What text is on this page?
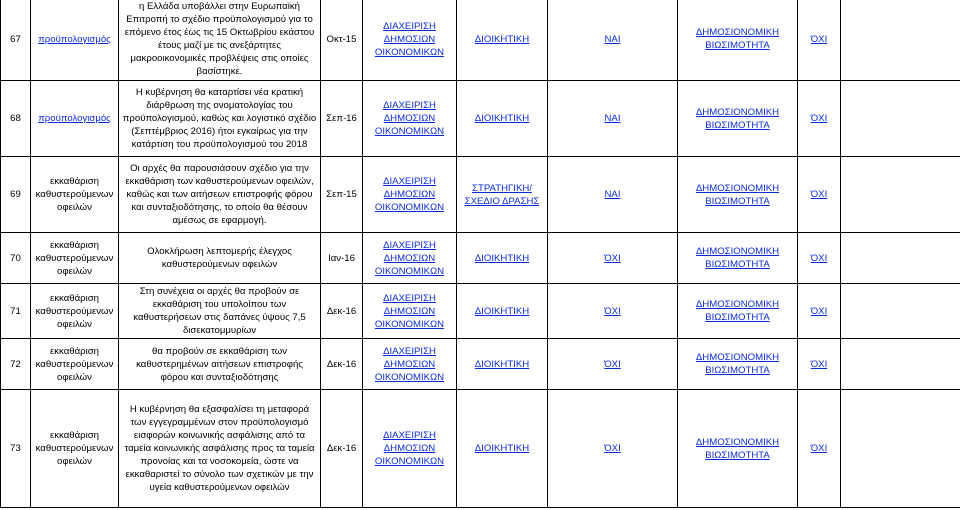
67	προϋπολογισμός	η Ελλάδα υποβάλλει στην Ευρωπαϊκή Επιτροπή το σχέδιο προϋπολογισμού για το επόμενο έτος έως τις 15 Οκτωβρίου εκάστου έτους μαζί με τις ανεξάρτητες μακροοικονομικές προβλέψεις στις οποίες βασίστηκε.	Οκτ-15	ΔΙΑΧΕΙΡΙΣΗ ΔΗΜΟΣΙΩΝ ΟΙΚΟΝΟΜΙΚΩΝ	ΔΙΟΙΚΗΤΙΚΗ	ΝΑΙ	ΔΗΜΟΣΙΟΝΟΜΙΚΗ ΒΙΩΣΙΜΟΤΗΤΑ	ΌΧΙ	
68	προϋπολογισμός	Η κυβέρνηση θα καταρτίσει νέα κρατική διάρθρωση της ονοματολογίας του προϋπολογισμού, καθώς και λογιστικό σχέδιο (Σεπτέμβριος 2016) ήτοι εγκαίρως για την κατάρτιση του προϋπολογισμού του 2018	Σεπ-16	ΔΙΑΧΕΙΡΙΣΗ ΔΗΜΟΣΙΩΝ ΟΙΚΟΝΟΜΙΚΩΝ	ΔΙΟΙΚΗΤΙΚΗ	ΝΑΙ	ΔΗΜΟΣΙΟΝΟΜΙΚΗ ΒΙΩΣΙΜΟΤΗΤΑ	ΌΧΙ	
69	εκκαθάριση καθυστερούμενων οφειλών	Οι αρχές θα παρουσιάσουν σχέδιο για την εκκαθάριση των καθυστερούμενων οφειλών, καθώς και των αιτήσεων επιστροφής φόρου και συνταξιοδότησης, το οποίο θα θέσουν αμέσως σε εφαρμογή.	Σεπ-15	ΔΙΑΧΕΙΡΙΣΗ ΔΗΜΟΣΙΩΝ ΟΙΚΟΝΟΜΙΚΩΝ	ΣΤΡΑΤΗΓΙΚΗ/ΣΧΕΔΙΟ ΔΡΑΣΗΣ	ΝΑΙ	ΔΗΜΟΣΙΟΝΟΜΙΚΗ ΒΙΩΣΙΜΟΤΗΤΑ	ΌΧΙ	
70	εκκαθάριση καθυστερούμενων οφειλών	Ολοκλήρωση λεπτομερής έλεγχος καθυστερούμενων οφειλών	Ιαν-16	ΔΙΑΧΕΙΡΙΣΗ ΔΗΜΟΣΙΩΝ ΟΙΚΟΝΟΜΙΚΩΝ	ΔΙΟΙΚΗΤΙΚΗ	ΌΧΙ	ΔΗΜΟΣΙΟΝΟΜΙΚΗ ΒΙΩΣΙΜΟΤΗΤΑ	ΌΧΙ	
71	εκκαθάριση καθυστερούμενων οφειλών	Στη συνέχεια οι αρχές θα προβούν σε εκκαθάριση του υπολοίπου των καθυστερήσεων στις δαπάνες ύψους 7,5 δισεκατομμυρίων	Δεκ-16	ΔΙΑΧΕΙΡΙΣΗ ΔΗΜΟΣΙΩΝ ΟΙΚΟΝΟΜΙΚΩΝ	ΔΙΟΙΚΗΤΙΚΗ	ΌΧΙ	ΔΗΜΟΣΙΟΝΟΜΙΚΗ ΒΙΩΣΙΜΟΤΗΤΑ	ΌΧΙ	
72	εκκαθάριση καθυστερούμενων οφειλών	θα προβούν σε εκκαθάριση των καθυστερημένων αιτήσεων επιστροφής φόρου και συνταξιοδότησης	Δεκ-16	ΔΙΑΧΕΙΡΙΣΗ ΔΗΜΟΣΙΩΝ ΟΙΚΟΝΟΜΙΚΩΝ	ΔΙΟΙΚΗΤΙΚΗ	ΌΧΙ	ΔΗΜΟΣΙΟΝΟΜΙΚΗ ΒΙΩΣΙΜΟΤΗΤΑ	ΌΧΙ	
73	εκκαθάριση καθυστερούμενων οφειλών	Η κυβέρνηση θα εξασφαλίσει τη μεταφορά των εγγεγραμμένων στον προϋπολογισμό εισφορών κοινωνικής ασφάλισης από τα ταμεία κοινωνικής ασφάλισης προς τα ταμεία προνοίας και τα νοσοκομεία, ώστε να εκκαθαριστεί το σύνολο των σχετικών με την υγεία καθυστερούμενων οφειλών	Δεκ-16	ΔΙΑΧΕΙΡΙΣΗ ΔΗΜΟΣΙΩΝ ΟΙΚΟΝΟΜΙΚΩΝ	ΔΙΟΙΚΗΤΙΚΗ	ΌΧΙ	ΔΗΜΟΣΙΟΝΟΜΙΚΗ ΒΙΩΣΙΜΟΤΗΤΑ	ΌΧΙ	
